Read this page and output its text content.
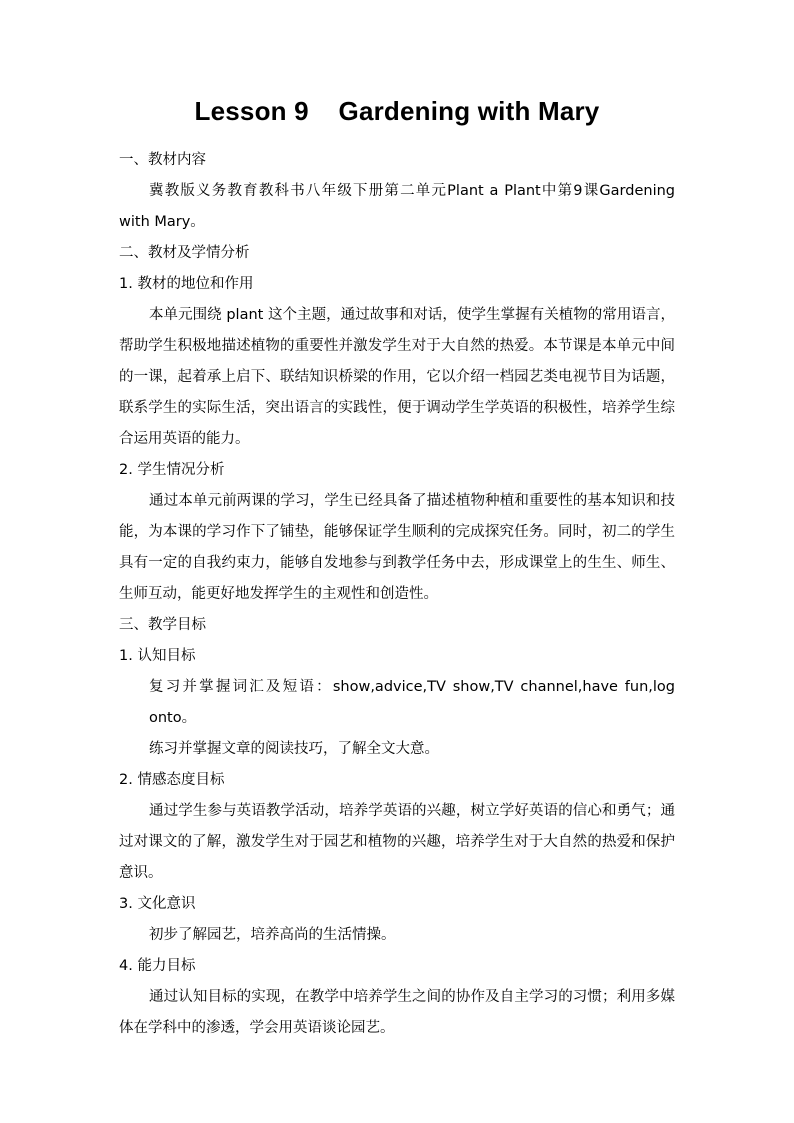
Lesson 9    Gardening with Mary

一、教材内容

冀教版义务教育教科书八年级下册第二单元Plant a Plant中第9课Gardening with Mary。

二、教材及学情分析

1. 教材的地位和作用

本单元围绕 plant 这个主题，通过故事和对话，使学生掌握有关植物的常用语言，帮助学生积极地描述植物的重要性并激发学生对于大自然的热爱。本节课是本单元中间的一课，起着承上启下、联结知识桥梁的作用，它以介绍一档园艺类电视节目为话题，联系学生的实际生活，突出语言的实践性，便于调动学生学英语的积极性，培养学生综合运用英语的能力。

2. 学生情况分析

通过本单元前两课的学习，学生已经具备了描述植物种植和重要性的基本知识和技能，为本课的学习作下了铺垫，能够保证学生顺利的完成探究任务。同时，初二的学生具有一定的自我约束力，能够自发地参与到教学任务中去，形成课堂上的生生、师生、生师互动，能更好地发挥学生的主观性和创造性。

三、教学目标

1. 认知目标

复习并掌握词汇及短语：show,advice,TV show,TV channel,have fun,log onto。

练习并掌握文章的阅读技巧，了解全文大意。

2. 情感态度目标

通过学生参与英语教学活动，培养学英语的兴趣，树立学好英语的信心和勇气；通过对课文的了解，激发学生对于园艺和植物的兴趣，培养学生对于大自然的热爱和保护意识。

3. 文化意识

初步了解园艺，培养高尚的生活情操。

4. 能力目标

通过认知目标的实现，在教学中培养学生之间的协作及自主学习的习惯；利用多媒体在学科中的渗透，学会用英语谈论园艺。
